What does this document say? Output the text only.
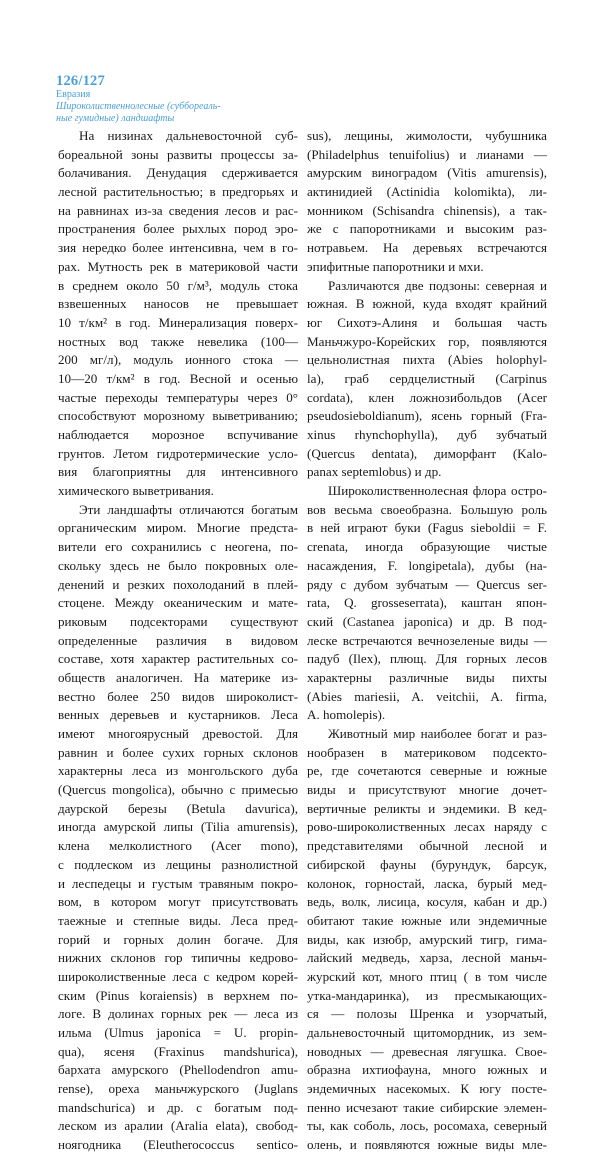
126/127
Евразия
Широколиственнолесные (суббореаль-
ные гумидные) ландшафты
На низинах дальневосточной суб-
бореальной зоны развиты процессы за-
болачивания. Денудация сдерживается
лесной растительностью; в предгорьях и
на равнинах из-за сведения лесов и рас-
пространения более рыхлых пород эро-
зия нередко более интенсивна, чем в го-
рах. Мутность рек в материковой части
в среднем около 50 г/м³, модуль стока
взвешенных наносов не превышает
10 т/км² в год. Минерализация поверх-
ностных вод также невелика (100—
200 мг/л), модуль ионного стока —
10—20 т/км² в год. Весной и осенью
частые переходы температуры через 0°
способствуют морозному выветриванию;
наблюдается морозное вспучивание
грунтов. Летом гидротермические усло-
вия благоприятны для интенсивного
химического выветривания.
Эти ландшафты отличаются богатым
органическим миром. Многие предста-
вители его сохранились с неогена, по-
скольку здесь не было покровных оле-
денений и резких похолоданий в плей-
стоцене. Между океаническим и мате-
риковым подсекторами существуют
определенные различия в видовом
составе, хотя характер растительных со-
обществ аналогичен. На материке из-
вестно более 250 видов широколист-
венных деревьев и кустарников. Леса
имеют многоярусный древостой. Для
равнин и более сухих горных склонов
характерны леса из монгольского дуба
(Quercus mongolica), обычно с примесью
даурской березы (Betula davurica),
иногда амурской липы (Tilia amurensis),
клена мелколистного (Acer mono),
с подлеском из лещины разнолистной
и леспедецы и густым травяным покро-
вом, в котором могут присутствовать
таежные и степные виды. Леса пред-
горий и горных долин богаче. Для
нижних склонов гор типичны кедрово-
широколиственные леса с кедром корей-
ским (Pinus koraiensis) в верхнем по-
логе. В долинах горных рек — леса из
ильма (Ulmus japonica = U. propin-
qua), ясеня (Fraxinus mandshurica),
бархата амурского (Phellodendron amu-
rense), ореха маньчжурского (Juglans
mandschurica) и др. с богатым под-
леском из аралии (Aralia elata), свобод-
ноягодника (Eleutherococcus sentico-
sus), лещины, жимолости, чубушника
(Philadelphus tenuifolius) и лианами —
амурским виноградом (Vitis amurensis),
актинидией (Actinidia kolomikta), ли-
монником (Schisandra chinensis), а так-
же с папоротниками и высоким раз-
нотравьем. На деревьях встречаются
эпифитные папоротники и мхи.
Различаются две подзоны: северная и
южная. В южной, куда входят крайний
юг Сихотэ-Алиня и большая часть
Маньчжуро-Корейских гор, появляются
цельнолистная пихта (Abies holophyl-
la), граб сердцелистный (Carpinus
cordata), клен ложнозибольдов (Acer
pseudosieboldianum), ясень горный (Fra-
xinus rhynchophylla), дуб зубчатый
(Quercus dentata), диморфант (Kalo-
panax septemlobus) и др.
Широколиственнолесная флора остро-
вов весьма своеобразна. Большую роль
в ней играют буки (Fagus sieboldii = F.
crenata, иногда образующие чистые
насаждения, F. longipetala), дубы (на-
ряду с дубом зубчатым — Quercus ser-
rata, Q. grosseserrata), каштан япон-
ский (Castanea japonica) и др. В под-
леске встречаются вечнозеленые виды —
падуб (Ilex), плющ. Для горных лесов
характерны различные виды пихты
(Abies mariesii, A. veitchii, A. firma,
A. homolepis).
Животный мир наиболее богат и раз-
нообразен в материковом подсекто-
ре, где сочетаются северные и южные
виды и присутствуют многие дочет-
вертичные реликты и эндемики. В кед-
рово-широколиственных лесах наряду с
представителями обычной лесной и
сибирской фауны (бурундук, барсук,
колонок, горностай, ласка, бурый мед-
ведь, волк, лисица, косуля, кабан и др.)
обитают такие южные или эндемичные
виды, как изюбр, амурский тигр, гима-
лайский медведь, харза, лесной маньч-
журский кот, много птиц ( в том числе
утка-мандаринка), из пресмыкающих-
ся — полозы Шренка и узорчатый,
дальневосточный щитомордник, из зем-
новодных — древесная лягушка. Свое-
образна ихтиофауна, много южных и
эндемичных насекомых. К югу посте-
пенно исчезают такие сибирские элемен-
ты, как соболь, лось, росомаха, северный
олень, и появляются южные виды мле-
